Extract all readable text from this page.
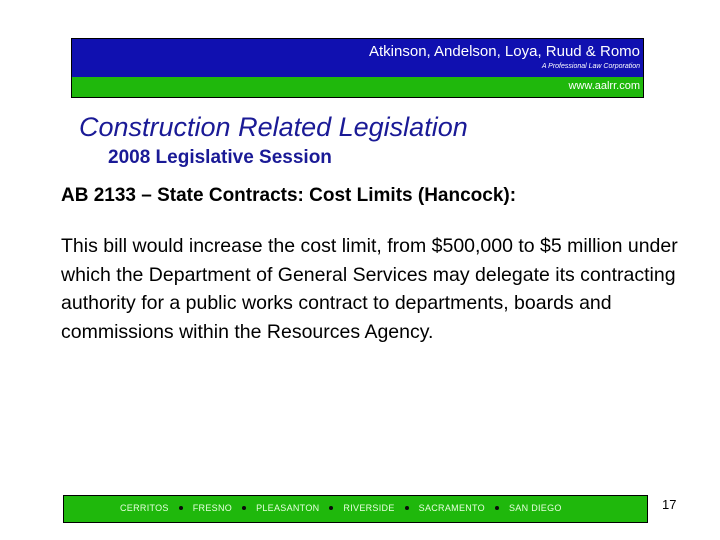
Atkinson, Andelson, Loya, Ruud & Romo
A Professional Law Corporation
www.aalrr.com
Construction Related Legislation
2008 Legislative Session
AB 2133 – State Contracts: Cost Limits (Hancock):
This bill would increase the cost limit, from $500,000 to $5 million under which the Department of General Services may delegate its contracting authority for a public works contract to departments, boards and commissions within the Resources Agency.
CERRITOS	FRESNO	PLEASANTON	RIVERSIDE	SACRAMENTO	SAN DIEGO	17
